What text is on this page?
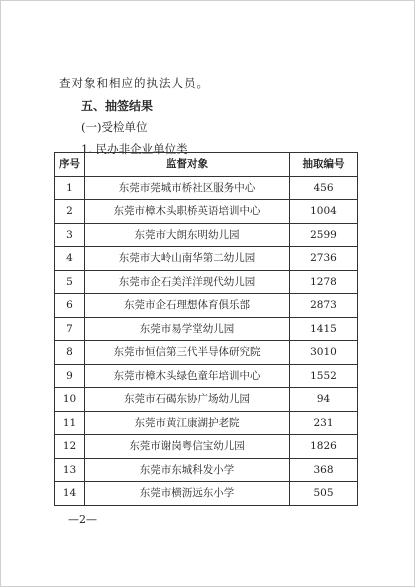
查对象和相应的执法人员。
五、抽签结果
(一)受检单位
1. 民办非企业单位类
序号	监督对象	抽取编号
1	东莞市莞城市桥社区服务中心	456
2	东莞市樟木头职桥英语培训中心	1004
3	东莞市大朗东明幼儿园	2599
4	东莞市大岭山南华第二幼儿园	2736
5	东莞市企石美洋洋现代幼儿园	1278
6	东莞市企石理想体育俱乐部	2873
7	东莞市易学堂幼儿园	1415
8	东莞市恒信第三代半导体研究院	3010
9	东莞市樟木头绿色童年培训中心	1552
10	东莞市石碣东协广场幼儿园	94
11	东莞市黄江康湖护老院	231
12	东莞市谢岗粤信宝幼儿园	1826
13	东莞市东城科发小学	368
14	东莞市横沥远东小学	505
—2—
